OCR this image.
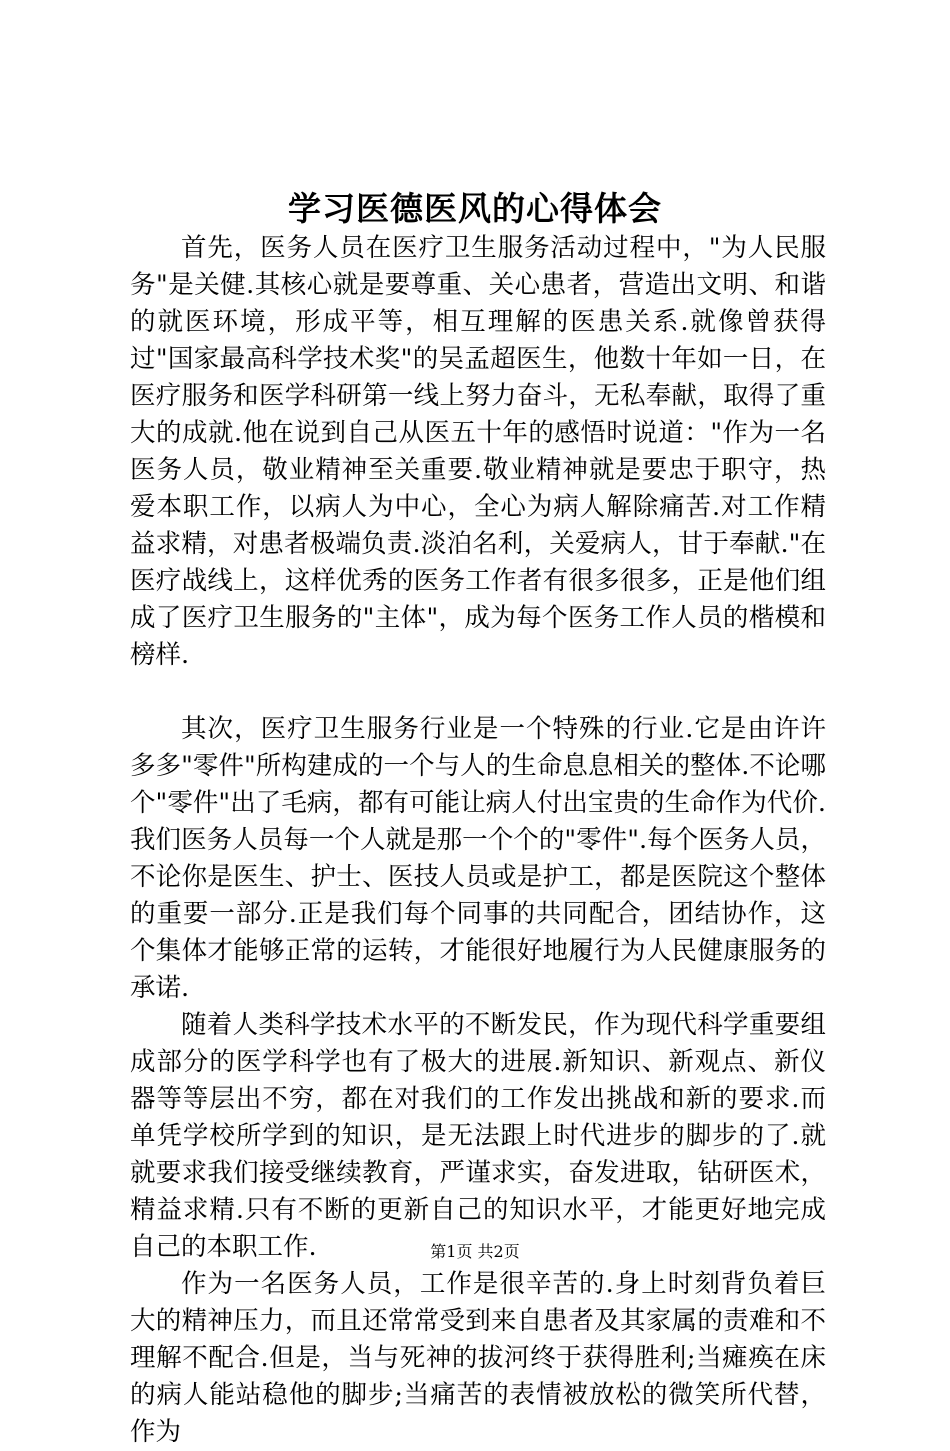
学习医德医风的心得体会

首先，医务人员在医疗卫生服务活动过程中，"为人民服务"是关健.其核心就是要尊重、关心患者，营造出文明、和谐的就医环境，形成平等，相互理解的医患关系.就像曾获得过"国家最高科学技术奖"的吴孟超医生，他数十年如一日，在医疗服务和医学科研第一线上努力奋斗，无私奉献，取得了重大的成就.他在说到自己从医五十年的感悟时说道："作为一名医务人员，敬业精神至关重要.敬业精神就是要忠于职守，热爱本职工作，以病人为中心，全心为病人解除痛苦.对工作精益求精，对患者极端负责.淡泊名利，关爱病人，甘于奉献."在医疗战线上，这样优秀的医务工作者有很多很多，正是他们组成了医疗卫生服务的"主体"，成为每个医务工作人员的楷模和榜样.

其次，医疗卫生服务行业是一个特殊的行业.它是由许许多多"零件"所构建成的一个与人的生命息息相关的整体.不论哪个"零件"出了毛病，都有可能让病人付出宝贵的生命作为代价.我们医务人员每一个人就是那一个个的"零件".每个医务人员，不论你是医生、护士、医技人员或是护工，都是医院这个整体的重要一部分.正是我们每个同事的共同配合，团结协作，这个集体才能够正常的运转，才能很好地履行为人民健康服务的承诺.

随着人类科学技术水平的不断发民，作为现代科学重要组成部分的医学科学也有了极大的进展.新知识、新观点、新仪器等等层出不穷，都在对我们的工作发出挑战和新的要求.而单凭学校所学到的知识，是无法跟上时代进步的脚步的了.就就要求我们接受继续教育，严谨求实，奋发进取，钻研医术，精益求精.只有不断的更新自己的知识水平，才能更好地完成自己的本职工作.

作为一名医务人员，工作是很辛苦的.身上时刻背负着巨大的精神压力，而且还常常受到来自患者及其家属的责难和不理解不配合.但是，当与死神的拔河终于获得胜利;当瘫痪在床的病人能站稳他的脚步;当痛苦的表情被放松的微笑所代替，作为

第1页 共2页
